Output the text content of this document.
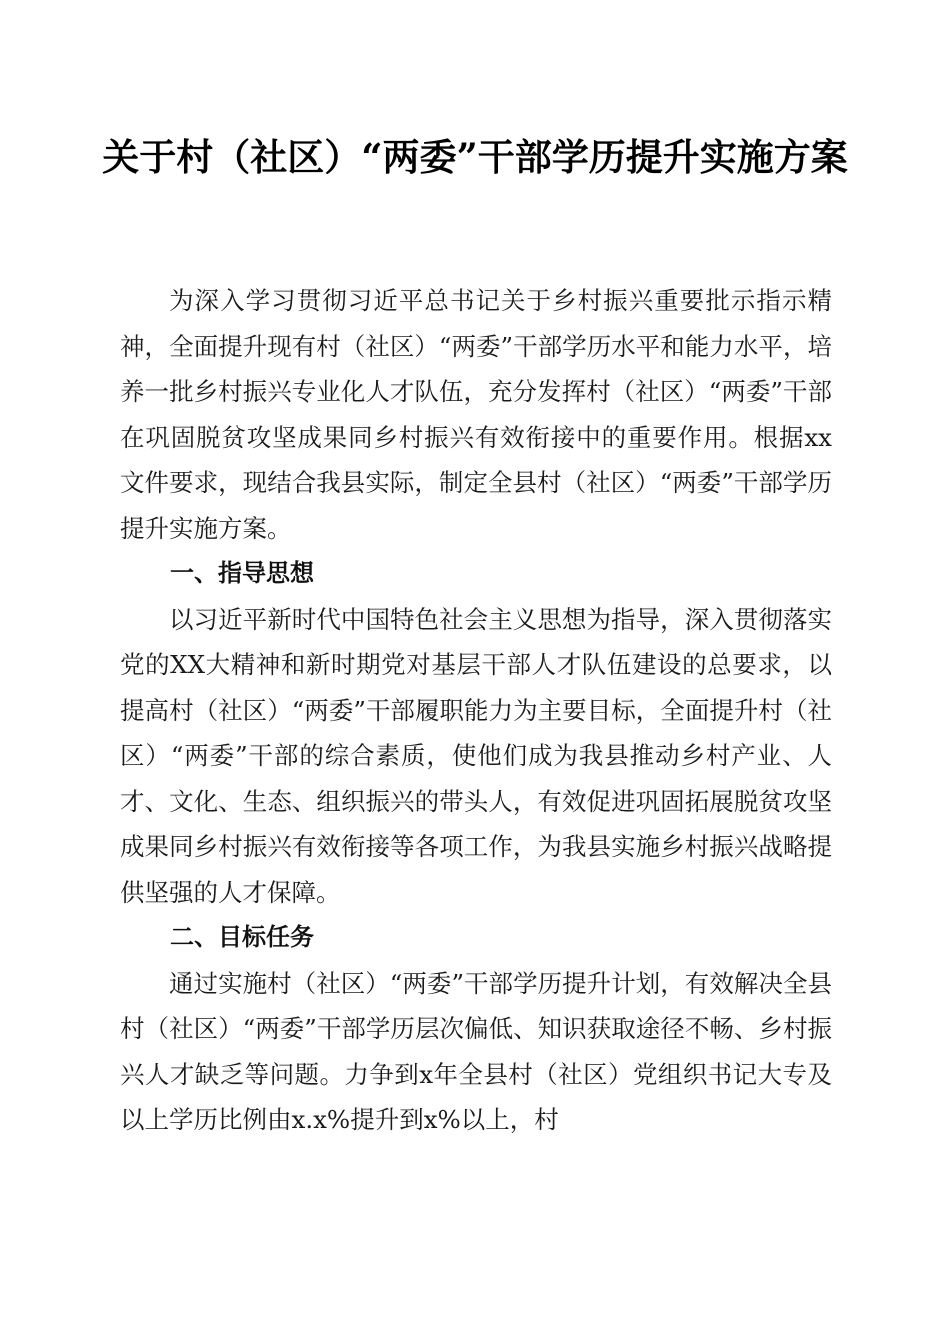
关于村（社区）“两委”干部学历提升实施方案

为深入学习贯彻习近平总书记关于乡村振兴重要批示指示精神，全面提升现有村（社区）“两委”干部学历水平和能力水平，培养一批乡村振兴专业化人才队伍，充分发挥村（社区）“两委”干部在巩固脱贫攻坚成果同乡村振兴有效衔接中的重要作用。根据xx文件要求，现结合我县实际，制定全县村（社区）“两委”干部学历提升实施方案。

一、指导思想

以习近平新时代中国特色社会主义思想为指导，深入贯彻落实党的XX大精神和新时期党对基层干部人才队伍建设的总要求，以提高村（社区）“两委”干部履职能力为主要目标，全面提升村（社区）“两委”干部的综合素质，使他们成为我县推动乡村产业、人才、文化、生态、组织振兴的带头人，有效促进巩固拓展脱贫攻坚成果同乡村振兴有效衔接等各项工作，为我县实施乡村振兴战略提供坚强的人才保障。

二、目标任务

通过实施村（社区）“两委”干部学历提升计划，有效解决全县村（社区）“两委”干部学历层次偏低、知识获取途径不畅、乡村振兴人才缺乏等问题。力争到x年全县村（社区）党组织书记大专及以上学历比例由x.x%提升到x%以上，村
